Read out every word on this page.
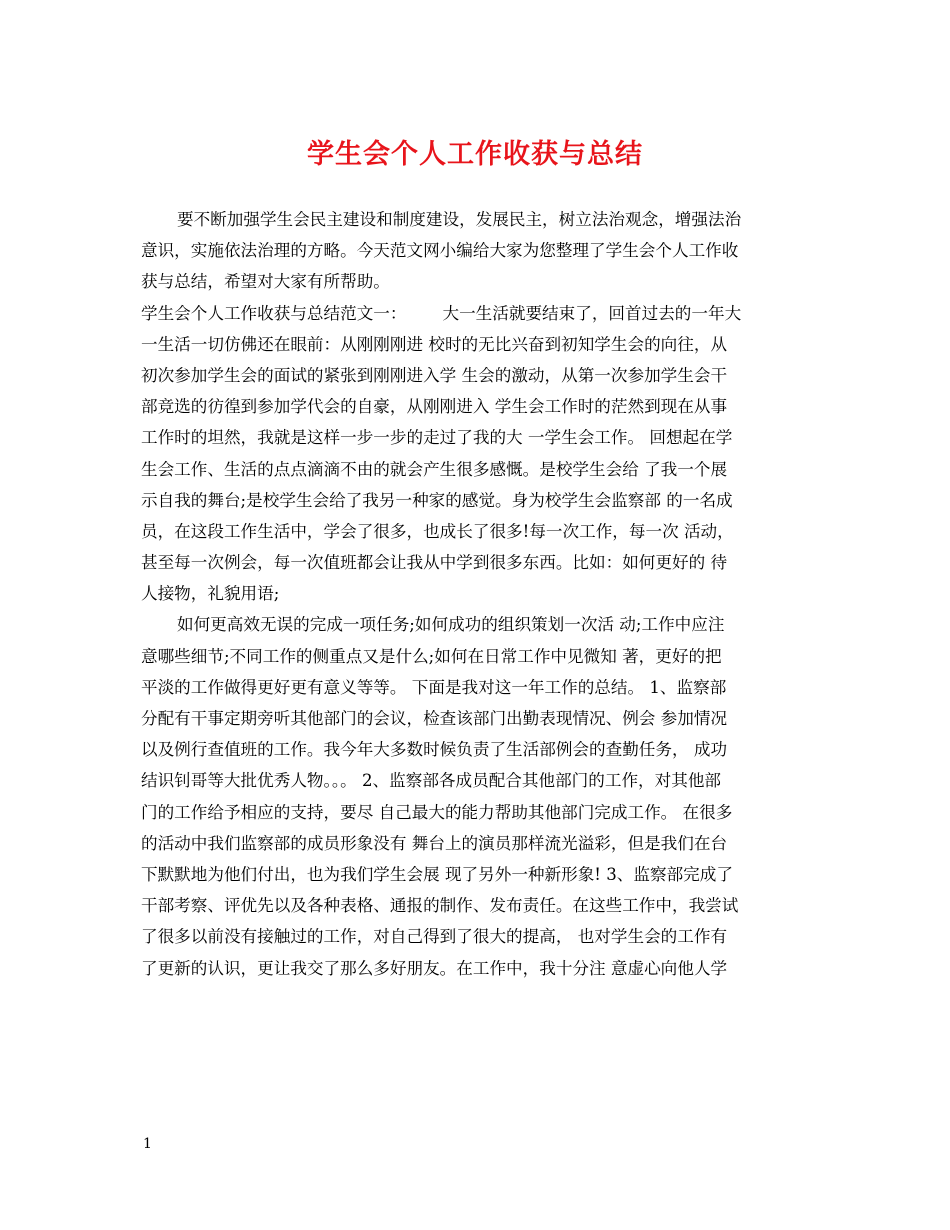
学生会个人工作收获与总结
要不断加强学生会民主建设和制度建设，发展民主，树立法治观念，增强法治
意识，实施依法治理的方略。今天范文网小编给大家为您整理了学生会个人工作收
获与总结，希望对大家有所帮助。
学生会个人工作收获与总结范文一： 大一生活就要结束了，回首过去的一年大
一生活一切仿佛还在眼前：从刚刚刚进 校时的无比兴奋到初知学生会的向往，从
初次参加学生会的面试的紧张到刚刚进入学 生会的激动，从第一次参加学生会干
部竞选的彷徨到参加学代会的自豪，从刚刚进入 学生会工作时的茫然到现在从事
工作时的坦然，我就是这样一步一步的走过了我的大 一学生会工作。 回想起在学
生会工作、生活的点点滴滴不由的就会产生很多感慨。是校学生会给 了我一个展
示自我的舞台;是校学生会给了我另一种家的感觉。身为校学生会监察部 的一名成
员，在这段工作生活中，学会了很多，也成长了很多!每一次工作，每一次 活动，
甚至每一次例会，每一次值班都会让我从中学到很多东西。比如：如何更好的 待
人接物，礼貌用语;
如何更高效无误的完成一项任务;如何成功的组织策划一次活 动;工作中应注
意哪些细节;不同工作的侧重点又是什么;如何在日常工作中见微知 著，更好的把
平淡的工作做得更好更有意义等等。 下面是我对这一年工作的总结。 1、监察部
分配有干事定期旁听其他部门的会议，检查该部门出勤表现情况、例会 参加情况
以及例行查值班的工作。我今年大多数时候负责了生活部例会的查勤任务， 成功
结识钊哥等大批优秀人物。。。 2、监察部各成员配合其他部门的工作，对其他部
门的工作给予相应的支持，要尽 自己最大的能力帮助其他部门完成工作。 在很多
的活动中我们监察部的成员形象没有 舞台上的演员那样流光溢彩，但是我们在台
下默默地为他们付出，也为我们学生会展 现了另外一种新形象! 3、监察部完成了
干部考察、评优先以及各种表格、通报的制作、发布责任。在这些工作中，我尝试
了很多以前没有接触过的工作，对自己得到了很大的提高， 也对学生会的工作有
了更新的认识，更让我交了那么多好朋友。在工作中，我十分注 意虚心向他人学
1
